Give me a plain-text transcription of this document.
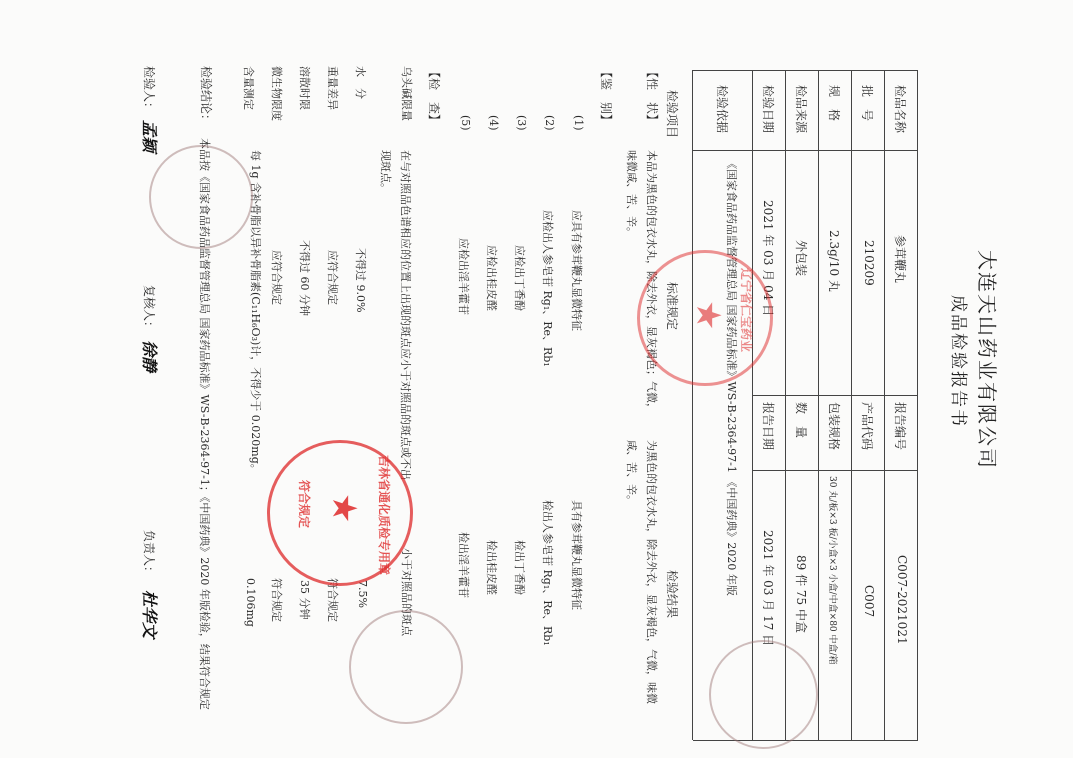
大连天山药业有限公司
成品检验报告书
检品名称
参茸鞭丸
报告编号
C007-2021021
批　号
210209
产品代码
C007
规　格
2.3g/10 丸
包装规格
30 丸/板×3 板/小盒×3 小盒/中盒×80 中盒/箱
检品来源
外包装
数　量
89 件 75 中盒
检验日期
2021 年 03 月 04 日
报告日期
2021 年 03 月 17 日
检验依据
《国家食品药品监督管理总局 国家药品标准》WS-B-2364-97-1 《中国药典》2020 年版
检验项目
标准规定
检验结果
【性　状】
本品为黑色的包衣水丸，除去外衣，显灰褐色；气微，味微咸、苦、辛。
为黑色的包衣水丸，除去外衣，显灰褐色，气微，味微咸、苦、辛。
【鉴　别】
(1)
应具有参茸鞭丸显微特征
具有参茸鞭丸显微特征
(2)
应检出人参皂苷 Rg₁、Re、Rb₁
检出人参皂苷 Rg₁、Re、Rb₁
(3)
应检出丁香酚
检出丁香酚
(4)
应检出桂皮醛
检出桂皮醛
(5)
应检出淫羊藿苷
检出淫羊藿苷
【检　查】
乌头碱限量
在与对照品色谱相应的位置上出现的斑点应小于对照品的斑点或不出现斑点。
小于对照品的斑点
水　分
不得过 9.0%
7.5%
重量差异
应符合规定
符合规定
溶散时限
不得过 60 分钟
35 分钟
微生物限度
应符合规定
符合规定
含量测定
每 1g 含补骨脂以异补骨脂素(C₁₁H₆O₃)计，不得少于 0.020mg。
0.106mg
检验结论：
本品按《国家食品药品监督管理总局 国家药品标准》WS-B-2364-97-1；《中国药典》2020 年版检验，结果符合规定
检验人：
孟颖
复核人：
徐静
负责人：
杜华文
★ 吉林省通化质检专用章
符合规定
★ 辽宁省仁宝药业
